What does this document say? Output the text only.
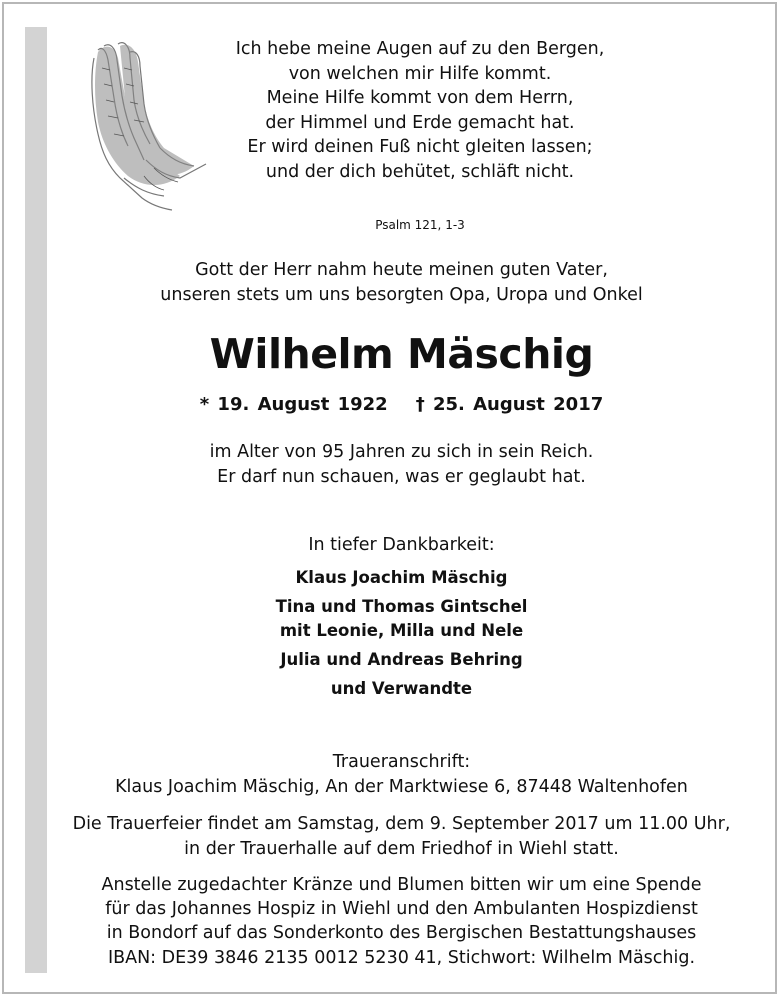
Ich hebe meine Augen auf zu den Bergen,
von welchen mir Hilfe kommt.
Meine Hilfe kommt von dem Herrn,
der Himmel und Erde gemacht hat.
Er wird deinen Fuß nicht gleiten lassen;
und der dich behütet, schläft nicht.
Psalm 121, 1-3
Gott der Herr nahm heute meinen guten Vater,
unseren stets um uns besorgten Opa, Uropa und Onkel
Wilhelm Mäschig
* 19. August 1922 † 25. August 2017
im Alter von 95 Jahren zu sich in sein Reich.
Er darf nun schauen, was er geglaubt hat.
In tiefer Dankbarkeit:
Klaus Joachim Mäschig
Tina und Thomas Gintschel
mit Leonie, Milla und Nele
Julia und Andreas Behring
und Verwandte
Traueranschrift:
Klaus Joachim Mäschig, An der Marktwiese 6, 87448 Waltenhofen
Die Trauerfeier findet am Samstag, dem 9. September 2017 um 11.00 Uhr,
in der Trauerhalle auf dem Friedhof in Wiehl statt.
Anstelle zugedachter Kränze und Blumen bitten wir um eine Spende
für das Johannes Hospiz in Wiehl und den Ambulanten Hospizdienst
in Bondorf auf das Sonderkonto des Bergischen Bestattungshauses
IBAN: DE39 3846 2135 0012 5230 41, Stichwort: Wilhelm Mäschig.
